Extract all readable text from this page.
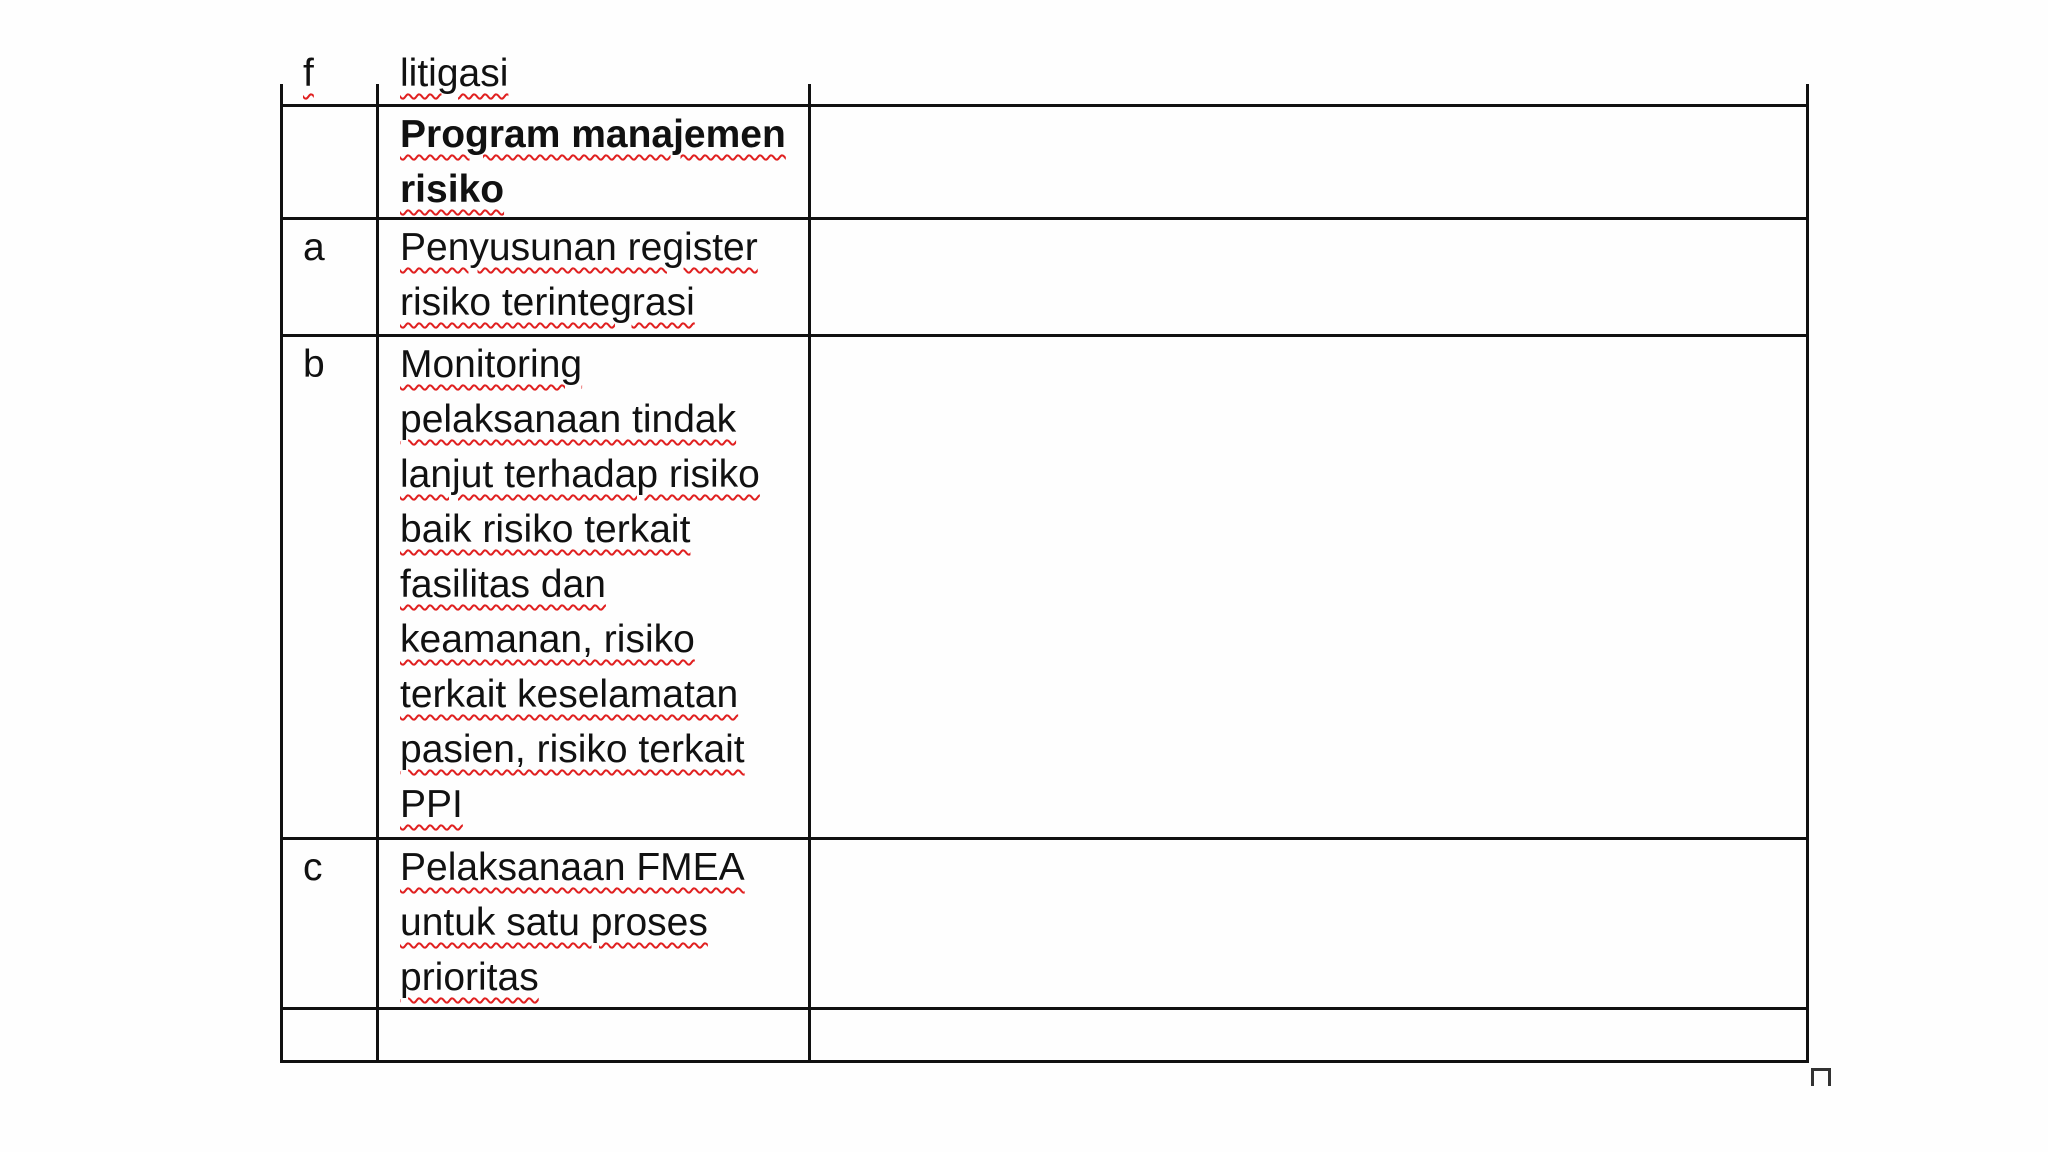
f	litigasi	

	Program manajemen risiko	
a	Penyusunan register risiko terintegrasi	
b	Monitoring pelaksanaan tindak lanjut terhadap risiko baik risiko terkait fasilitas dan keamanan, risiko terkait keselamatan pasien, risiko terkait PPI	
c	Pelaksanaan FMEA untuk satu proses prioritas	
